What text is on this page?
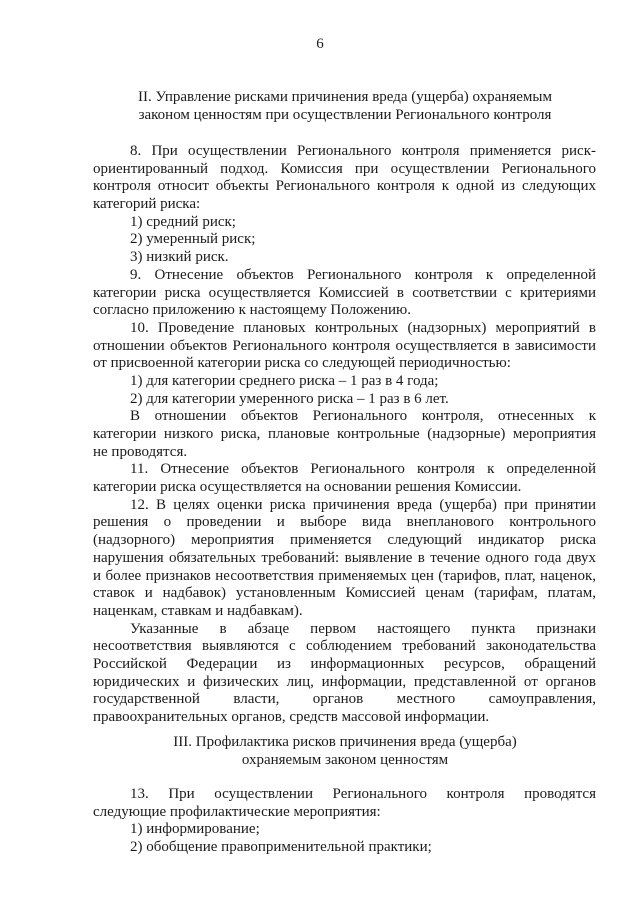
6
II. Управление рисками причинения вреда (ущерба) охраняемым
законом ценностям при осуществлении Регионального контроля

8. При осуществлении Регионального контроля применяется риск-
ориентированный подход. Комиссия при осуществлении Регионального
контроля относит объекты Регионального контроля к одной из следующих
категорий риска:
1) средний риск;
2) умеренный риск;
3) низкий риск.

9. Отнесение объектов Регионального контроля к определенной
категории риска осуществляется Комиссией в соответствии с критериями
согласно приложению к настоящему Положению.

10. Проведение плановых контрольных (надзорных) мероприятий в
отношении объектов Регионального контроля осуществляется в зависимости
от присвоенной категории риска со следующей периодичностью:
1) для категории среднего риска – 1 раз в 4 года;
2) для категории умеренного риска – 1 раз в 6 лет.
В отношении объектов Регионального контроля, отнесенных к
категории низкого риска, плановые контрольные (надзорные) мероприятия
не проводятся.

11. Отнесение объектов Регионального контроля к определенной
категории риска осуществляется на основании решения Комиссии.

12. В целях оценки риска причинения вреда (ущерба) при принятии
решения о проведении и выборе вида внепланового контрольного
(надзорного) мероприятия применяется следующий индикатор риска
нарушения обязательных требований: выявление в течение одного года двух
и более признаков несоответствия применяемых цен (тарифов, плат, наценок,
ставок и надбавок) установленным Комиссией ценам (тарифам, платам,
наценкам, ставкам и надбавкам).
Указанные в абзаце первом настоящего пункта признаки
несоответствия выявляются с соблюдением требований законодательства
Российской Федерации из информационных ресурсов, обращений
юридических и физических лиц, информации, представленной от органов
государственной власти, органов местного самоуправления,
правоохранительных органов, средств массовой информации.

III. Профилактика рисков причинения вреда (ущерба)
охраняемым законом ценностям

13. При осуществлении Регионального контроля проводятся
следующие профилактические мероприятия:
1) информирование;
2) обобщение правоприменительной практики;
